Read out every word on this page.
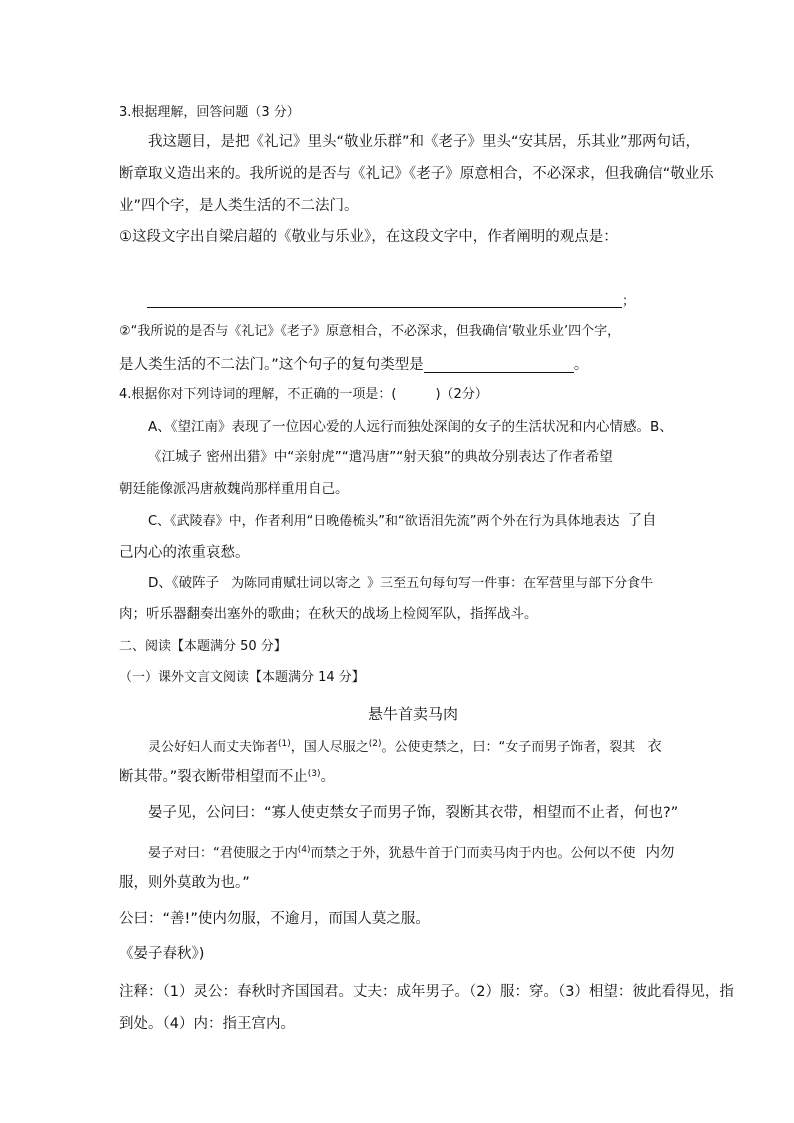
3.根据理解，回答问题（3 分）
我这题目，是把《礼记》里头“敬业乐群”和《老子》里头“安其居，乐其业”那两句话，
断章取义造出来的。我所说的是否与《礼记》《老子》原意相合，不必深求，但我确信“敬业乐
业”四个字，是人类生活的不二法门。
①这段文字出自梁启超的《敬业与乐业》，在这段文字中，作者阐明的观点是：
；
②“我所说的是否与《礼记》《老子》原意相合，不必深求，但我确信‘敬业乐业’四个字，
是人类生活的不二法门。”这个句子的复句类型是	。
4.根据你对下列诗词的理解，不正确的一项是：(　　　)（2分）
A、《望江南》表现了一位因心爱的人远行而独处深闺的女子的生活状况和内心情感。B、
《江城子 密州出猎》中“亲射虎”“遣冯唐”“射天狼”的典故分别表达了作者希望
朝廷能像派冯唐赦魏尚那样重用自己。
C、《武陵春》中，作者利用“日晚倦梳头”和“欲语泪先流”两个外在行为具体地表达 了自
己内心的浓重哀愁。
D、《破阵子 为陈同甫赋壮词以寄之 》三至五句每句写一件事：在军营里与部下分食牛
肉；听乐器翻奏出塞外的歌曲；在秋天的战场上检阅军队，指挥战斗。
二、阅读【本题满分 50 分】
（一）课外文言文阅读【本题满分 14 分】
悬牛首卖马肉
灵公好妇人而丈夫饰者$^{(1)}$，国人尽服之$^{(2)}$。公使吏禁之，曰：“女子而男子饰者，裂其 衣
断其带。”裂衣断带相望而不止$^{(3)}$。
晏子见，公问曰：“寡人使吏禁女子而男子饰，裂断其衣带，相望而不止者，何也?”
晏子对曰：“君使服之于内$^{(4)}$而禁之于外，犹悬牛首于门而卖马肉于内也。公何以不使 内勿
服，则外莫敢为也。”
公曰：“善!”使内勿服，不逾月，而国人莫之服。
《晏子春秋》)
注释：（1）灵公：春秋时齐国国君。丈夫：成年男子。（2）服：穿。（3）相望：彼此看得见，指
到处。（4）内：指王宫内。
